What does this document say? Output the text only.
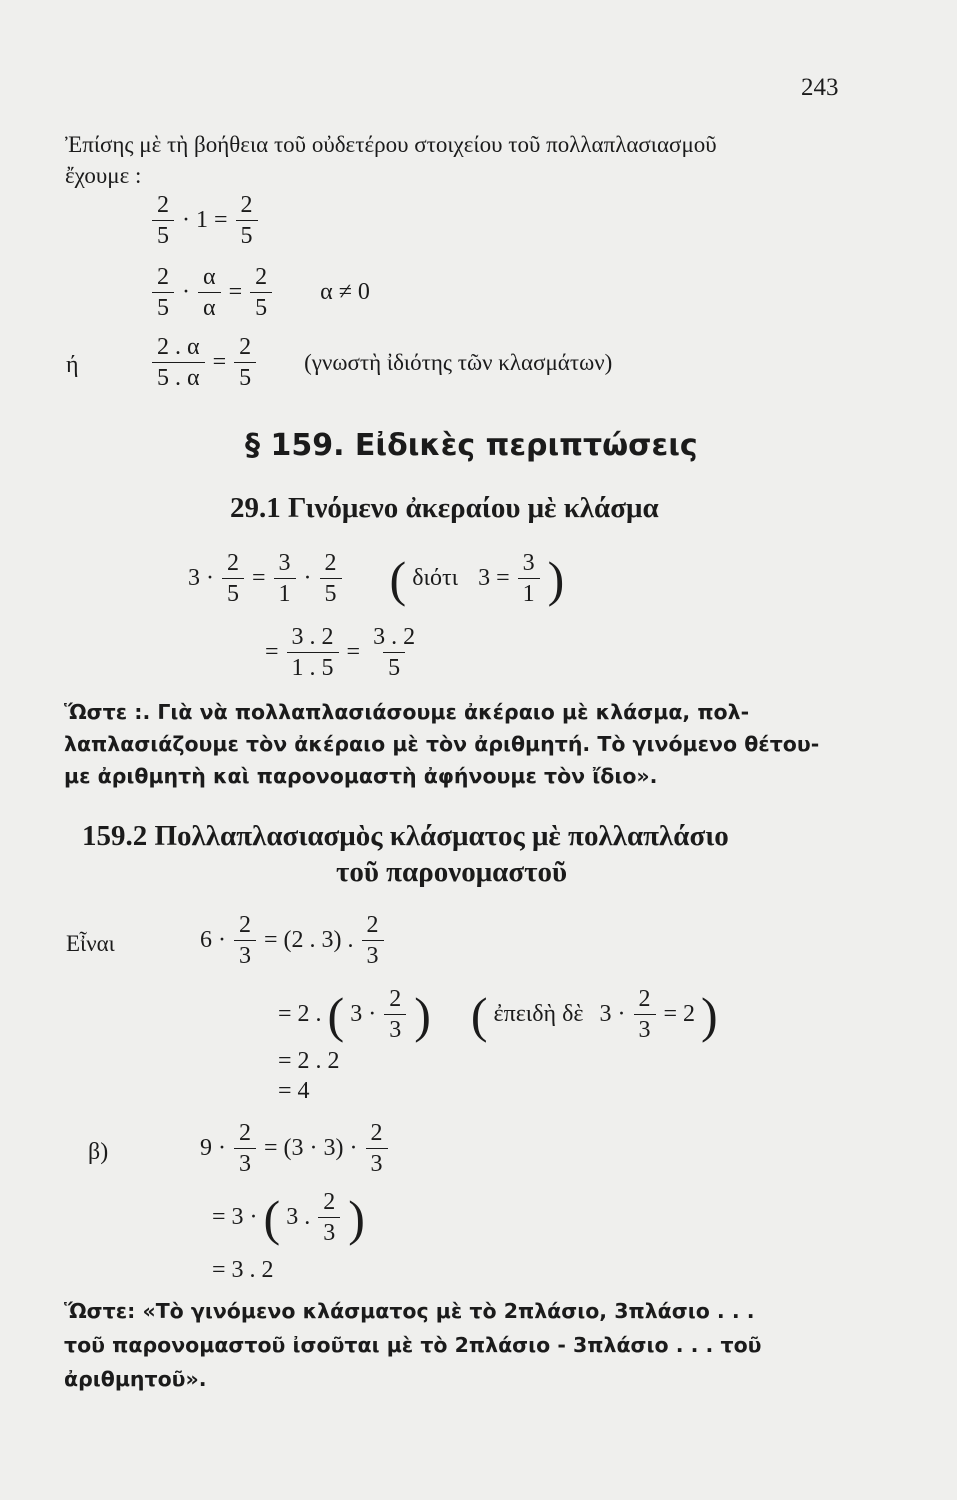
243
Ἐπίσης μὲ τὴ βοήθεια τοῦ οὐδετέρου στοιχείου τοῦ πολλαπλασιασμοῦ
ἔχουμε :
$\frac{2}{5} \cdot 1 = \frac{2}{5}$
$\frac{2}{5} \cdot \frac{\alpha}{\alpha} = \frac{2}{5}$ α ≠ 0
ή	$\frac{2 . \alpha}{5 . \alpha} = \frac{2}{5}$ (γνωστὴ ἰδιότης τῶν κλασμάτων)
§ 159. Εἰδικὲς περιπτώσεις
29.1 Γινόμενο ἀκεραίου μὲ κλάσμα
$3 \cdot \frac{2}{5} = \frac{3}{1} \cdot \frac{2}{5}$ ( διότι $3 = \frac{3}{1}$ )
= $\frac{3 . 2}{1 . 5} = \frac{3 . 2}{5}$
Ὥστε :. Γιὰ νὰ πολλαπλασιάσουμε ἀκέραιο μὲ κλάσμα, πολ-
λαπλασιάζουμε τὸν ἀκέραιο μὲ τὸν ἀριθμητή. Τὸ γινόμενο θέτου-
με ἀριθμητὴ καὶ παρονομαστὴ ἀφήνουμε τὸν ἴδιο».
159.2 Πολλαπλασιασμὸς κλάσματος μὲ πολλαπλάσιο
τοῦ παρονομαστοῦ
Εἶναι	$6 \cdot \frac{2}{3} = (2$ . 3) . $\frac{2}{3}$
= 2 . ( $3 \cdot \frac{2}{3}$ ) ( ἐπειδὴ δὲ $3 \cdot \frac{2}{3} = 2$ )
= 2 . 2
= 4
β)	$9 \cdot \frac{2}{3} = (3 \cdot 3) \cdot \frac{2}{3}$
= 3 · ( 3 . $\frac{2}{3}$ )
= 3 . 2
Ὥστε: «Τὸ γινόμενο κλάσματος μὲ τὸ 2πλάσιο, 3πλάσιο . . .
τοῦ παρονομαστοῦ ἰσοῦται μὲ τὸ 2πλάσιο - 3πλάσιο . . . τοῦ
ἀριθμητοῦ».
